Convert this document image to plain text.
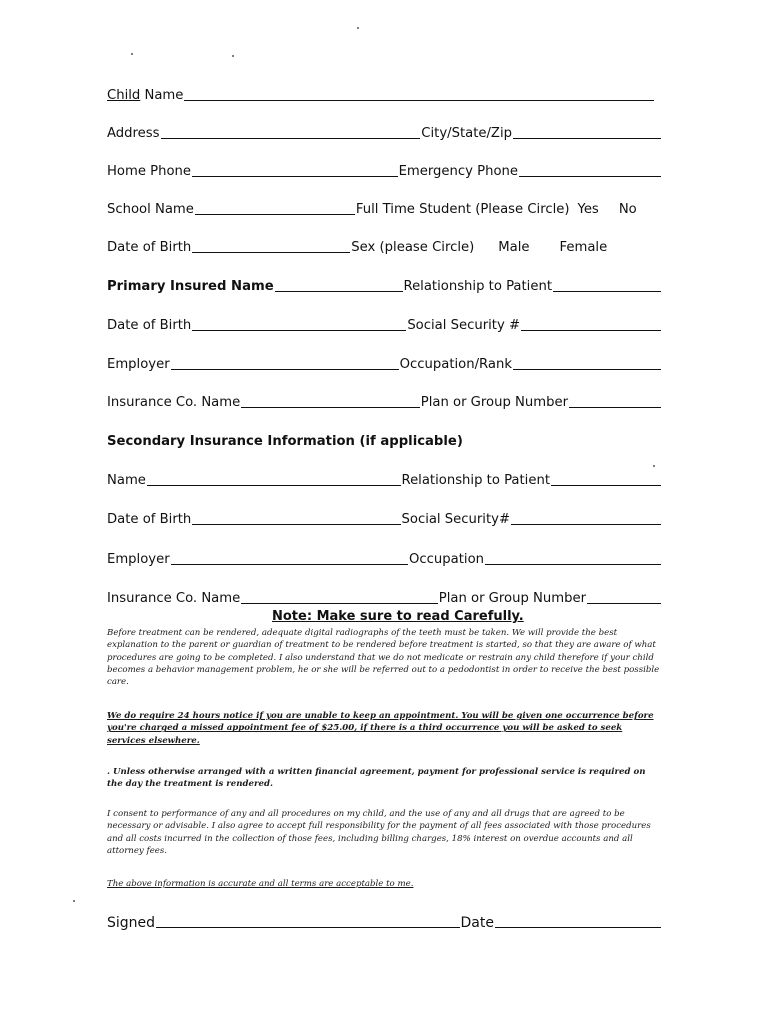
Child Name
Address	City/State/Zip
Home Phone	Emergency Phone
School Name	Full Time Student (Please Circle) Yes No
Date of Birth	Sex (please Circle) Male Female
Primary Insured Name	Relationship to Patient
Date of Birth	Social Security #
Employer	Occupation/Rank
Insurance Co. Name	Plan or Group Number
Secondary Insurance Information (if applicable)
Name	Relationship to Patient
Date of Birth	Social Security#
Employer	Occupation
Insurance Co. Name	Plan or Group Number
Note: Make sure to read Carefully.
Before treatment can be rendered, adequate digital radiographs of the teeth must be taken. We will provide the best explanation to the parent or guardian of treatment to be rendered before treatment is started, so that they are aware of what procedures are going to be completed. I also understand that we do not medicate or restrain any child therefore if your child becomes a behavior management problem, he or she will be referred out to a pedodontist in order to receive the best possible care.
We do require 24 hours notice if you are unable to keep an appointment. You will be given one occurrence before you're charged a missed appointment fee of $25.00, if there is a third occurrence you will be asked to seek services elsewhere.
. Unless otherwise arranged with a written financial agreement, payment for professional service is required on the day the treatment is rendered.
I consent to performance of any and all procedures on my child, and the use of any and all drugs that are agreed to be necessary or advisable. I also agree to accept full responsibility for the payment of all fees associated with those procedures and all costs incurred in the collection of those fees, including billing charges, 18% interest on overdue accounts and all attorney fees.
The above information is accurate and all terms are acceptable to me.
Signed	Date
